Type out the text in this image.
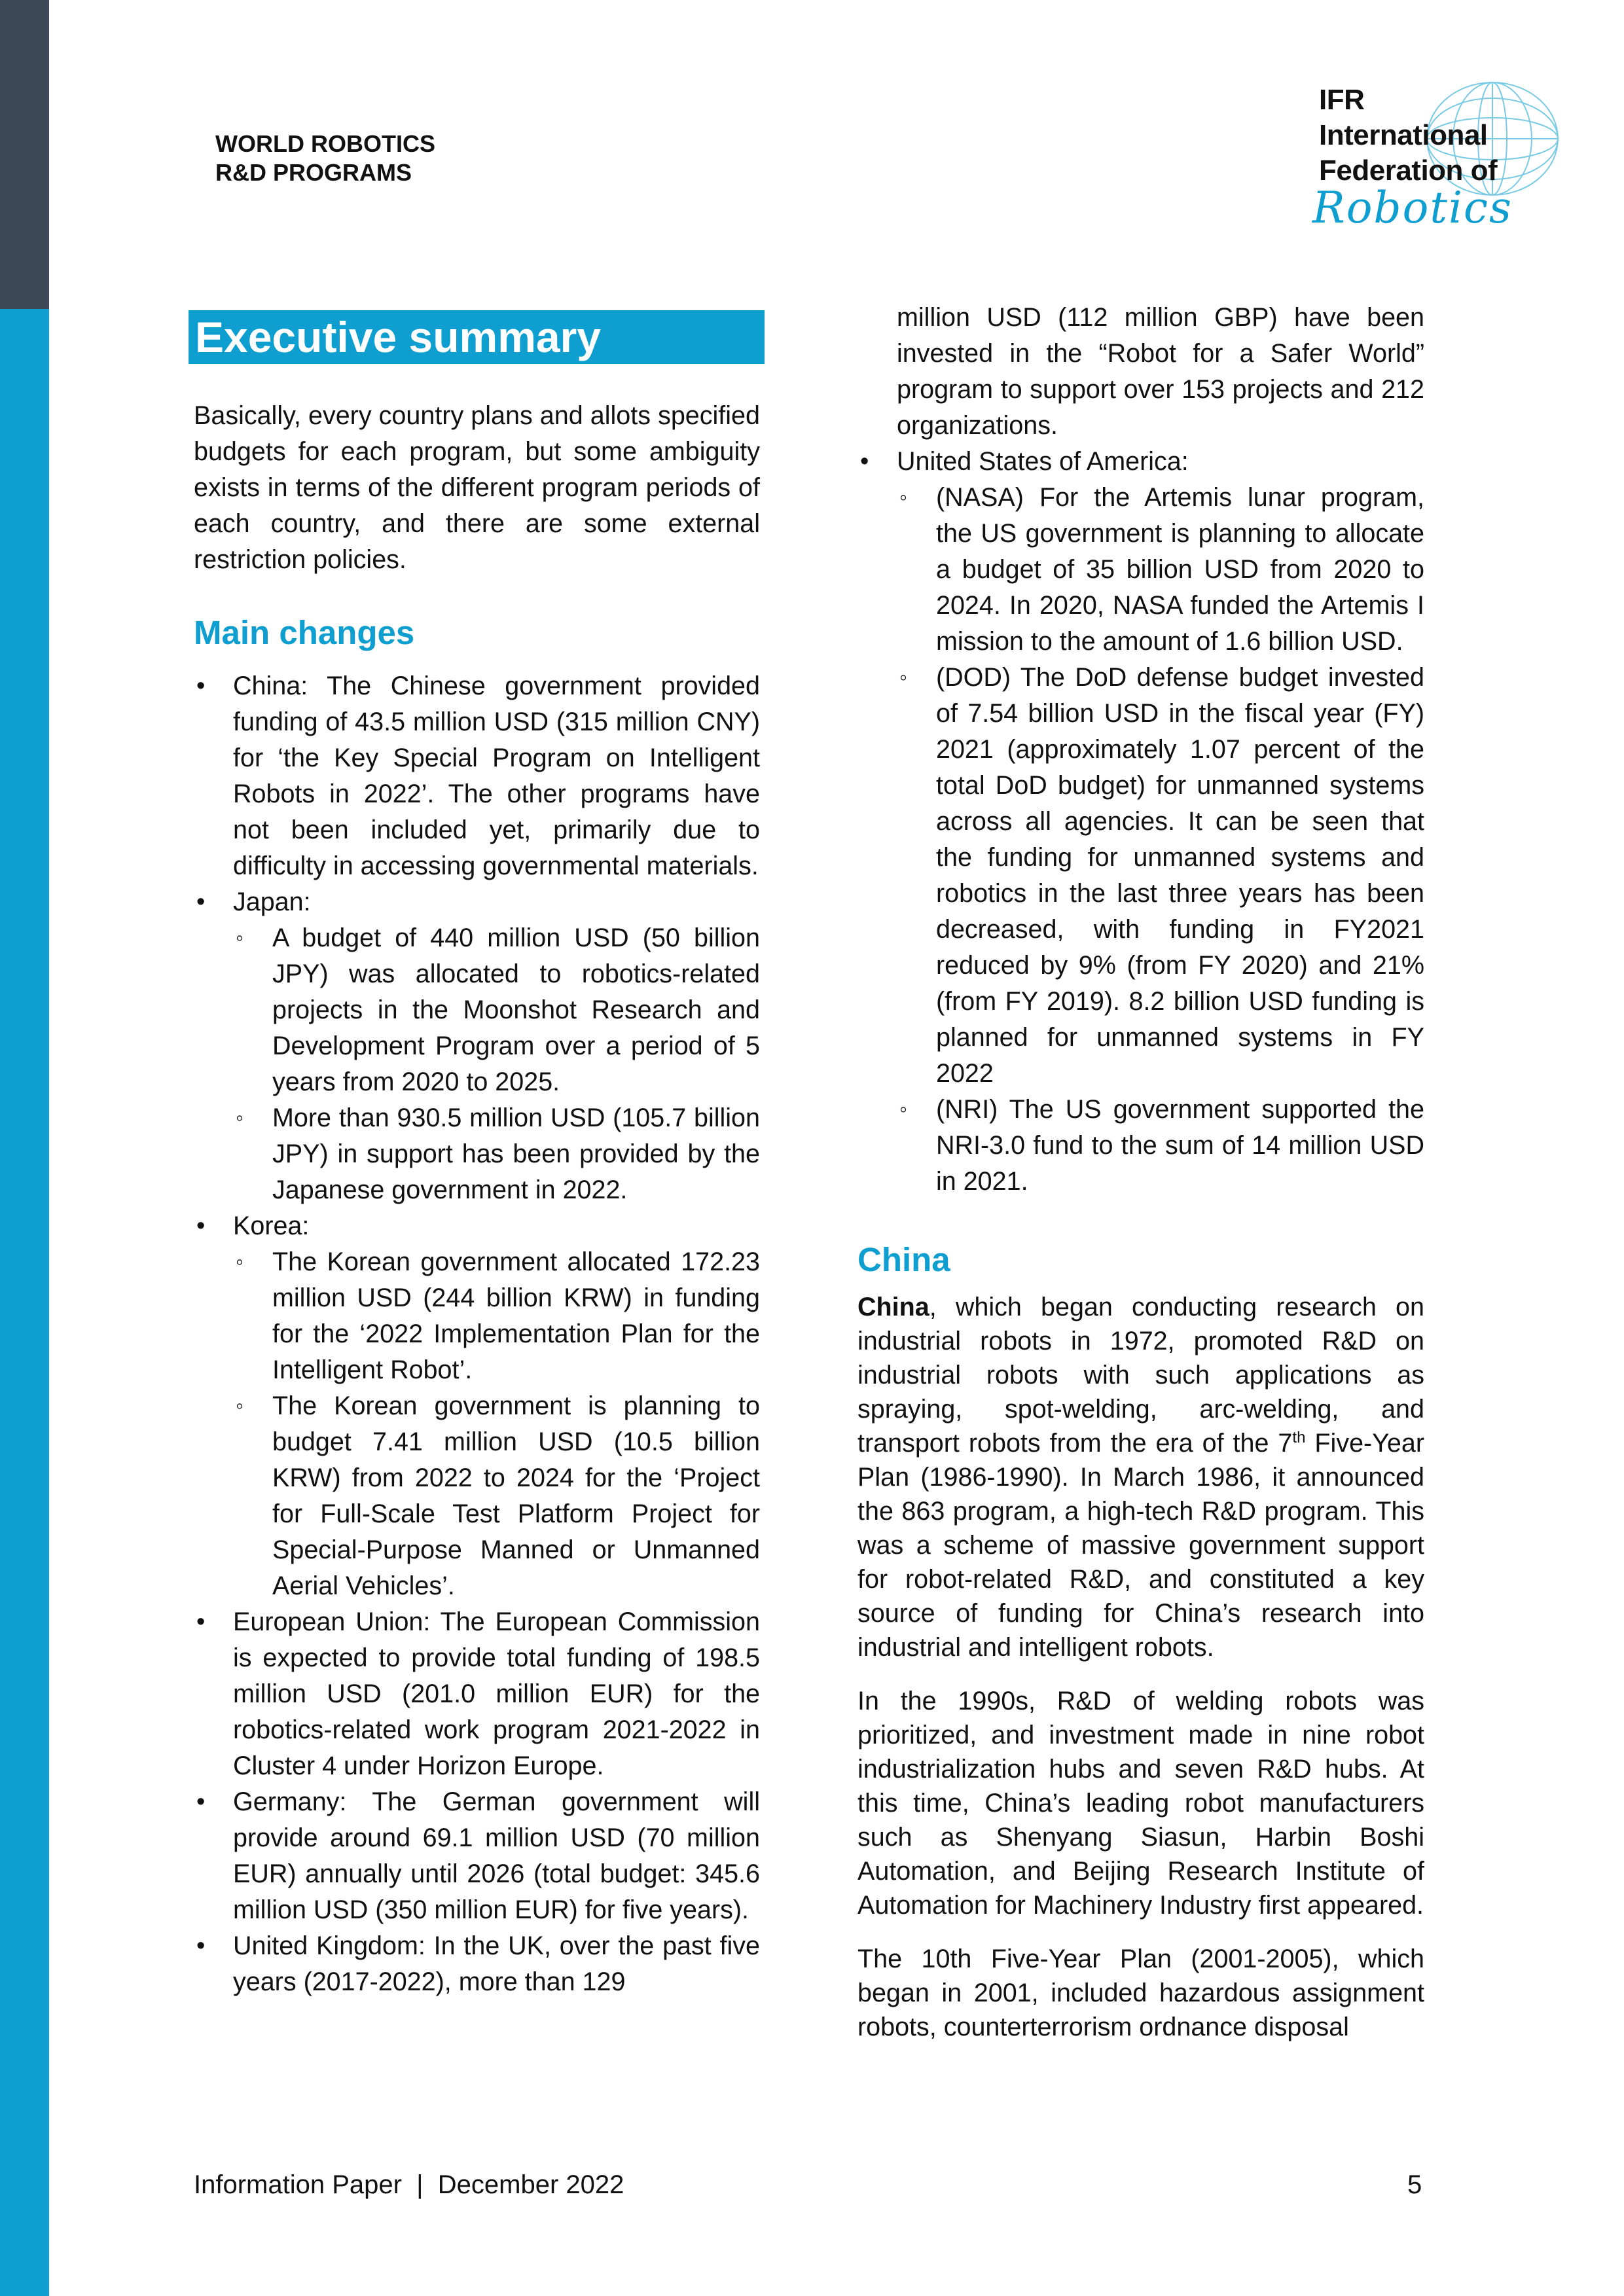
WORLD ROBOTICS
R&D PROGRAMS
IFR
International
Federation of
Robotics
Executive summary

Basically, every country plans and allots specified budgets for each program, but some ambiguity exists in terms of the different program periods of each country, and there are some external restriction policies.

Main changes
• China: The Chinese government provided funding of 43.5 million USD (315 million CNY) for ‘the Key Special Program on Intelligent Robots in 2022’. The other programs have not been included yet, primarily due to difficulty in accessing governmental materials.
• Japan:
◦ A budget of 440 million USD (50 billion JPY) was allocated to robotics-related projects in the Moonshot Research and Development Program over a period of 5 years from 2020 to 2025.
◦ More than 930.5 million USD (105.7 billion JPY) in support has been provided by the Japanese government in 2022.
• Korea:
◦ The Korean government allocated 172.23 million USD (244 billion KRW) in funding for the ‘2022 Implementation Plan for the Intelligent Robot’.
◦ The Korean government is planning to budget 7.41 million USD (10.5 billion KRW) from 2022 to 2024 for the ‘Project for Full-Scale Test Platform Project for Special-Purpose Manned or Unmanned Aerial Vehicles’.
• European Union: The European Commission is expected to provide total funding of 198.5 million USD (201.0 million EUR) for the robotics-related work program 2021-2022 in Cluster 4 under Horizon Europe.
• Germany: The German government will provide around 69.1 million USD (70 million EUR) annually until 2026 (total budget: 345.6 million USD (350 million EUR) for five years).
• United Kingdom: In the UK, over the past five years (2017-2022), more than 129

million USD (112 million GBP) have been invested in the “Robot for a Safer World” program to support over 153 projects and 212 organizations.

• United States of America:
◦ (NASA) For the Artemis lunar program, the US government is planning to allocate a budget of 35 billion USD from 2020 to 2024. In 2020, NASA funded the Artemis I mission to the amount of 1.6 billion USD.
◦ (DOD) The DoD defense budget invested of 7.54 billion USD in the fiscal year (FY) 2021 (approximately 1.07 percent of the total DoD budget) for unmanned systems across all agencies. It can be seen that the funding for unmanned systems and robotics in the last three years has been decreased, with funding in FY2021 reduced by 9% (from FY 2020) and 21% (from FY 2019). 8.2 billion USD funding is planned for unmanned systems in FY 2022
◦ (NRI) The US government supported the NRI-3.0 fund to the sum of 14 million USD in 2021.
China

China, which began conducting research on industrial robots in 1972, promoted R&D on industrial robots with such applications as spraying, spot-welding, arc-welding, and transport robots from the era of the 7th Five-Year Plan (1986-1990). In March 1986, it announced the 863 program, a high-tech R&D program. This was a scheme of massive government support for robot-related R&D, and constituted a key source of funding for China’s research into industrial and intelligent robots.

In the 1990s, R&D of welding robots was prioritized, and investment made in nine robot industrialization hubs and seven R&D hubs. At this time, China’s leading robot manufacturers such as Shenyang Siasun, Harbin Boshi Automation, and Beijing Research Institute of Automation for Machinery Industry first appeared.

The 10th Five-Year Plan (2001-2005), which began in 2001, included hazardous assignment robots, counterterrorism ordnance disposal

Information Paper  |  December 2022	5
